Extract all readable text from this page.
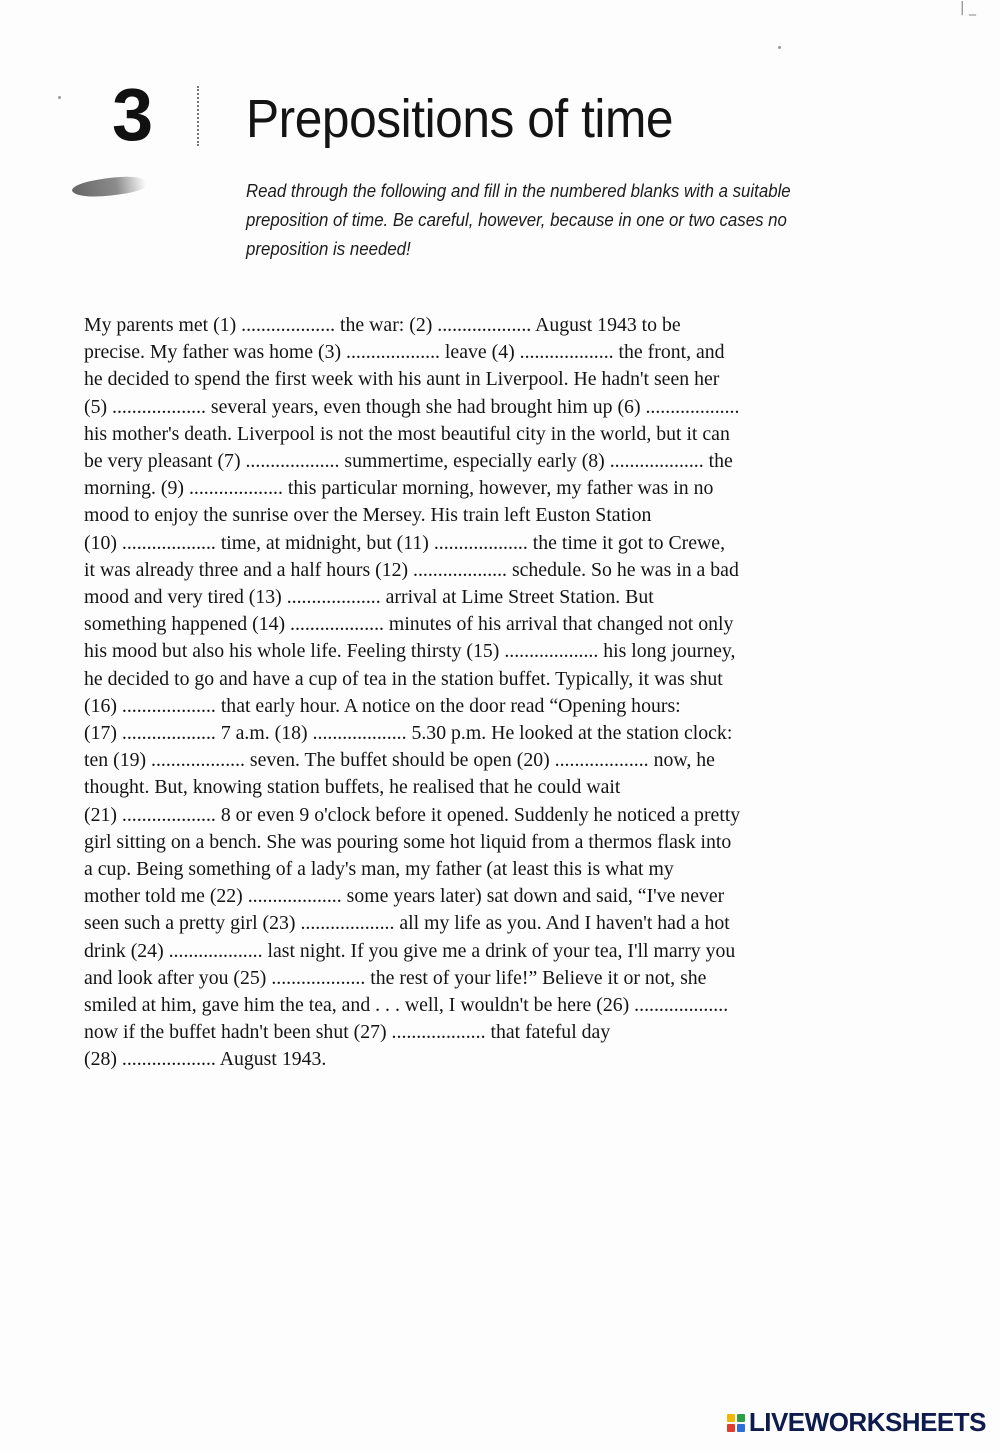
| _
3 Prepositions of time
Read through the following and fill in the numbered blanks with a suitable
preposition of time. Be careful, however, because in one or two cases no
preposition is needed!
My parents met (1) ................... the war: (2) ................... August 1943 to be
precise. My father was home (3) ................... leave (4) ................... the front, and
he decided to spend the first week with his aunt in Liverpool. He hadn't seen her
(5) ................... several years, even though she had brought him up (6) ...................
his mother's death. Liverpool is not the most beautiful city in the world, but it can
be very pleasant (7) ................... summertime, especially early (8) ................... the
morning. (9) ................... this particular morning, however, my father was in no
mood to enjoy the sunrise over the Mersey. His train left Euston Station
(10) ................... time, at midnight, but (11) ................... the time it got to Crewe,
it was already three and a half hours (12) ................... schedule. So he was in a bad
mood and very tired (13) ................... arrival at Lime Street Station. But
something happened (14) ................... minutes of his arrival that changed not only
his mood but also his whole life. Feeling thirsty (15) ................... his long journey,
he decided to go and have a cup of tea in the station buffet. Typically, it was shut
(16) ................... that early hour. A notice on the door read “Opening hours:
(17) ................... 7 a.m. (18) ................... 5.30 p.m. He looked at the station clock:
ten (19) ................... seven. The buffet should be open (20) ................... now, he
thought. But, knowing station buffets, he realised that he could wait
(21) ................... 8 or even 9 o'clock before it opened. Suddenly he noticed a pretty
girl sitting on a bench. She was pouring some hot liquid from a thermos flask into
a cup. Being something of a lady's man, my father (at least this is what my
mother told me (22) ................... some years later) sat down and said, “I've never
seen such a pretty girl (23) ................... all my life as you. And I haven't had a hot
drink (24) ................... last night. If you give me a drink of your tea, I'll marry you
and look after you (25) ................... the rest of your life!” Believe it or not, she
smiled at him, gave him the tea, and . . . well, I wouldn't be here (26) ...................
now if the buffet hadn't been shut (27) ................... that fateful day
(28) ................... August 1943.
LIVEWORKSHEETS
